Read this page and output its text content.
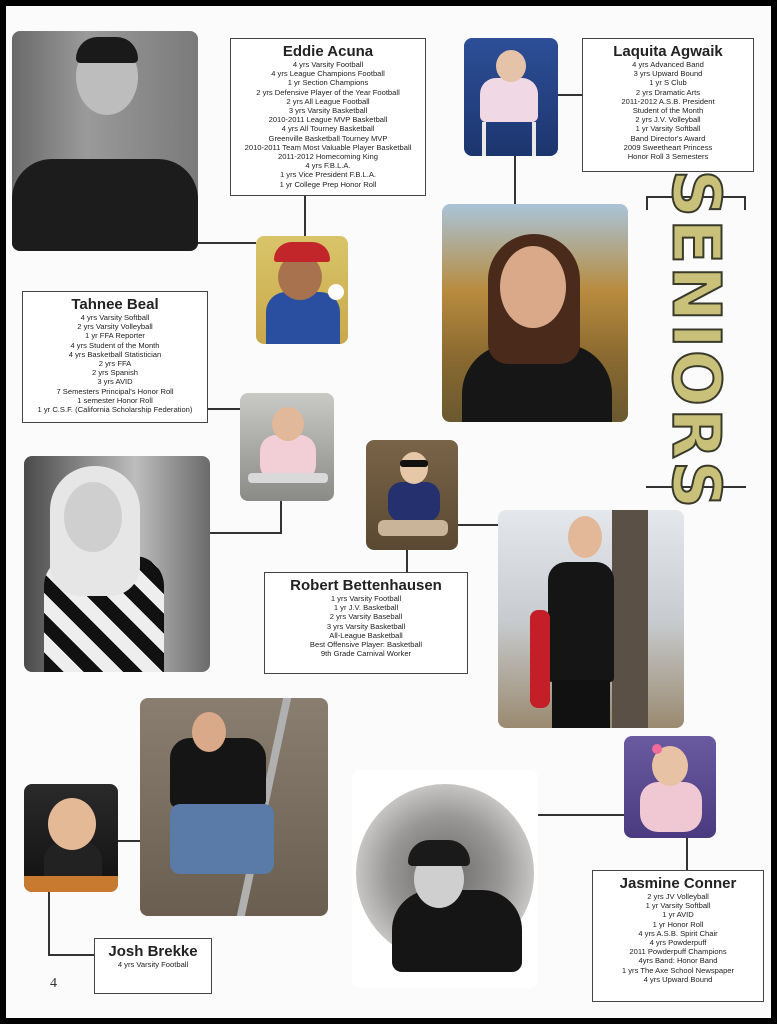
Eddie Acuna
4 yrs Varsity Football
4 yrs League Champions Football
1 yr Section Champions
2 yrs Defensive Player of the Year Football
2 yrs All League Football
3 yrs Varsity Basketball
2010-2011 League MVP Basketball
4 yrs All Tourney Basketball
Greenville Basketball Tourney MVP
2010-2011 Team Most Valuable Player Basketball
2011-2012 Homecoming King
4 yrs F.B.L.A.
1 yrs Vice President F.B.L.A.
1 yr College Prep Honor Roll
Laquita Agwaik
4 yrs Advanced Band
3 yrs Upward Bound
1 yr S Club
2 yrs Dramatic Arts
2011-2012 A.S.B. President
Student of the Month
2 yrs J.V. Volleyball
1 yr Varsity Softball
Band Director's Award
2009 Sweetheart Princess
Honor Roll 3 Semesters
SENIORS
Tahnee Beal
4 yrs Varsity Softball
2 yrs Varsity Volleyball
1 yr FFA Reporter
4 yrs Student of the Month
4 yrs Basketball Statistician
2 yrs FFA
2 yrs Spanish
3 yrs AVID
7 Semesters Principal's Honor Roll
1 semester Honor Roll
1 yr C.S.F. (California Scholarship Federation)
Robert Bettenhausen
1 yrs Varsity Football
1 yr J.V. Basketball
2 yrs Varsity Baseball
3 yrs Varsity Basketball
All-League Basketball
Best Offensive Player: Basketball
9th Grade Carnival Worker
Josh Brekke
4 yrs Varsity Football
Jasmine Conner
2 yrs JV Volleyball
1 yr Varsity Softball
1 yr AVID
1 yr Honor Roll
4 yrs A.S.B. Spirit Chair
4 yrs Powderpuff
2011 Powderpuff Champions
4yrs Band: Honor Band
1 yrs The Axe School Newspaper
4 yrs Upward Bound
4
